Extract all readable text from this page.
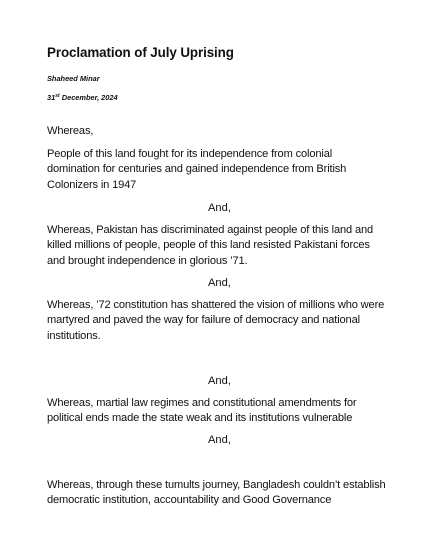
Proclamation of July Uprising
Shaheed Minar
31st December, 2024

Whereas,

People of this land fought for its independence from colonial
domination for centuries and gained independence from British
Colonizers in 1947

And,

Whereas, Pakistan has discriminated against people of this land and
killed millions of people, people of this land resisted Pakistani forces
and brought independence in glorious ’71.

And,

Whereas, ’72 constitution has shattered the vision of millions who were
martyred and paved the way for failure of democracy and national
institutions.

And,

Whereas, martial law regimes and constitutional amendments for
political ends made the state weak and its institutions vulnerable

And,

Whereas, through these tumults journey, Bangladesh couldn’t establish
democratic institution, accountability and Good Governance
